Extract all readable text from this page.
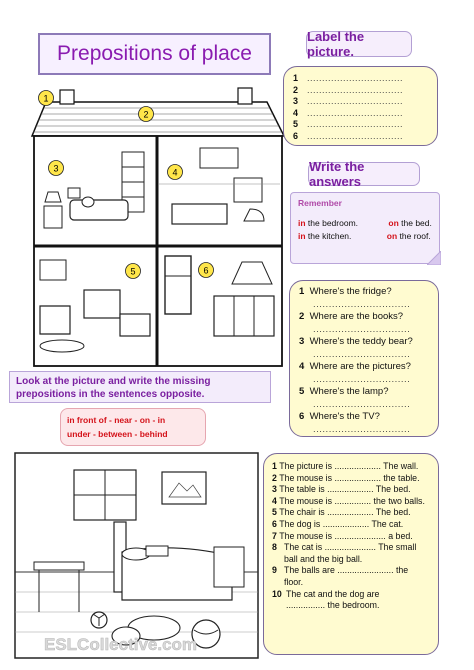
Prepositions of place
1
2
3	4
5	6
Label the picture.
1 ................................
2 ................................
3 ................................
4 ................................
5 ................................
6 ................................
Write the answers
Remember
in the bedroom.	on the bed.
in the kitchen.	on the roof.
1 Where's the fridge?
...............................
2 Where are the books?
...............................
3 Where's the teddy bear?
...............................
4 Where are the pictures?
...............................
5 Where's the lamp?
...............................
6 Where's the TV?
...............................
Look at the picture and write the missing prepositions in the sentences opposite.
in front of - near - on - in
under - between - behind
ESLCollective.com
1 The picture is ................... The wall.
2 The mouse is ................... the table.
3 The table is ................... The bed.
4 The mouse is ............... the two balls.
5 The chair is ................... The bed.
6 The dog is ................... The cat.
7 The mouse is ..................... a bed.
8 The cat is ..................... The small ball and the big ball.
9 The balls are ....................... the floor.
10 The cat and the dog are ................ the bedroom.
